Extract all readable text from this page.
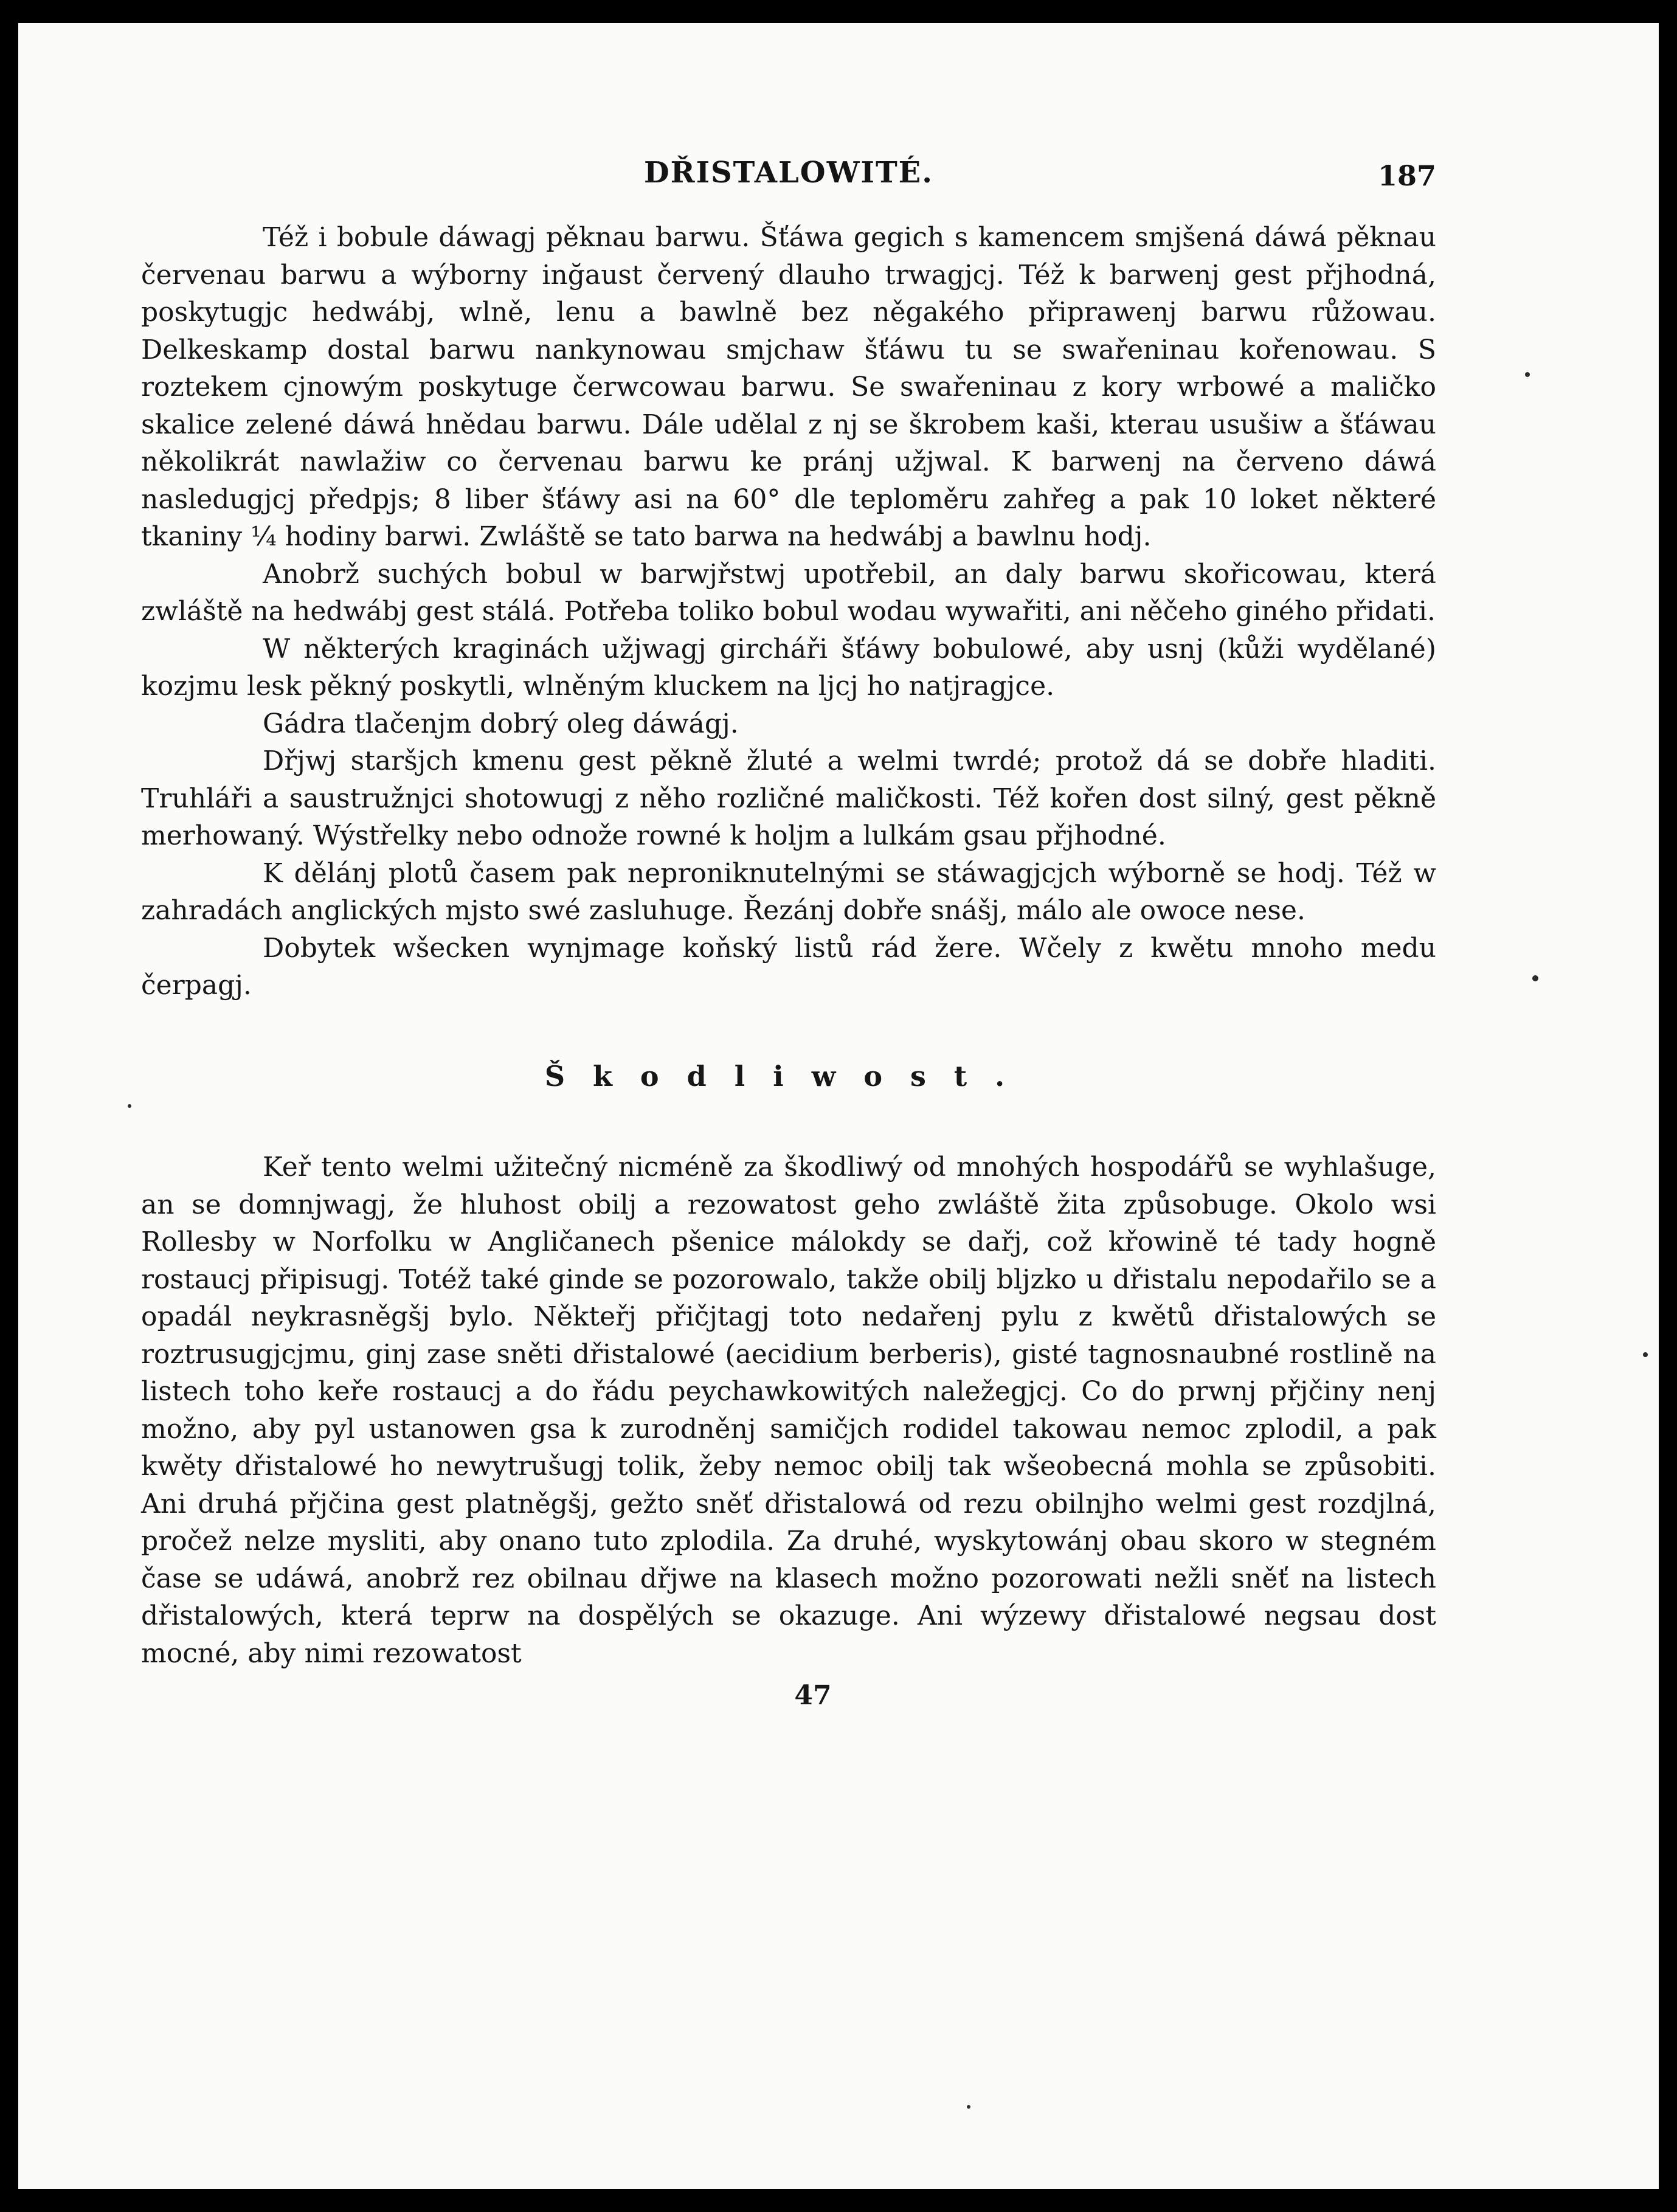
DŘISTALOWITÉ.	187

Též i bobule dáwagj pěknau barwu. Šťáwa gegich s kamencem smjšená dáwá pěknau červenau barwu a wýborny inğaust červený dlauho trwagjcj. Též k barwenj gest přjhodná, poskytugjc hedwábj, wlně, lenu a bawlně bez něgakého připrawenj barwu růžowau. Delkeskamp dostal barwu nankynowau smjchaw šťáwu tu se swařeninau kořenowau. S roztekem cjnowým poskytuge čerwcowau barwu. Se swařeninau z kory wrbowé a maličko skalice zelené dáwá hnědau barwu. Dále udělal z nj se škrobem kaši, kterau usušiw a šťáwau několikrát nawlažiw co červenau barwu ke pránj užjwal. K barwenj na červeno dáwá nasledugjcj předpjs; 8 liber šťáwy asi na 60° dle teploměru zahřeg a pak 10 loket některé tkaniny ¼ hodiny barwi. Zwláště se tato barwa na hedwábj a bawlnu hodj.

Anobrž suchých bobul w barwjřstwj upotřebil, an daly barwu skořicowau, která zwláště na hedwábj gest stálá. Potřeba toliko bobul wodau wywařiti, ani něčeho giného přidati.

W některých kraginách užjwagj gircháři šťáwy bobulowé, aby usnj (kůži wydělané) kozjmu lesk pěkný poskytli, wlněným kluckem na ljcj ho natjragjce.

Gádra tlačenjm dobrý oleg dáwágj.

Dřjwj staršjch kmenu gest pěkně žluté a welmi twrdé; protož dá se dobře hladiti. Truhláři a saustružnjci shotowugj z něho rozličné maličkosti. Též kořen dost silný, gest pěkně merhowaný. Wýstřelky nebo odnože rowné k holjm a lulkám gsau přjhodné.

K dělánj plotů časem pak neproniknutelnými se stáwagjcjch wýborně se hodj. Též w zahradách anglických mjsto swé zasluhuge. Řezánj dobře snášj, málo ale owoce nese.

Dobytek wšecken wynjmage koňský listů rád žere. Wčely z kwětu mnoho medu čerpagj.

Škodliwost.

Keř tento welmi užitečný nicméně za škodliwý od mnohých hospodářů se wyhlašuge, an se domnjwagj, že hluhost obilj a rezowatost geho zwláště žita způsobuge. Okolo wsi Rollesby w Norfolku w Angličanech pšenice málokdy se dařj, což křowině té tady hogně rostaucj připisugj. Totéž také ginde se pozorowalo, takže obilj bljzko u dřistalu nepodařilo se a opadál neykrasněgšj bylo. Někteřj přičjtagj toto nedařenj pylu z kwětů dřistalowých se roztrusugjcjmu, ginj zase sněti dřistalowé (aecidium berberis), gisté tagnosnaubné rostlině na listech toho keře rostaucj a do řádu peychawkowitých naležegjcj. Co do prwnj přjčiny nenj možno, aby pyl ustanowen gsa k zurodněnj samičjch rodidel takowau nemoc zplodil, a pak kwěty dřistalowé ho newytrušugj tolik, žeby nemoc obilj tak wšeobecná mohla se způsobiti. Ani druhá přjčina gest platněgšj, gežto sněť dřistalowá od rezu obilnjho welmi gest rozdjlná, pročež nelze mysliti, aby onano tuto zplodila. Za druhé, wyskytowánj obau skoro w stegném čase se udáwá, anobrž rez obilnau dřjwe na klasech možno pozorowati nežli sněť na listech dřistalowých, která teprw na dospělých se okazuge. Ani wýzewy dřistalowé negsau dost mocné, aby nimi rezowatost

47
